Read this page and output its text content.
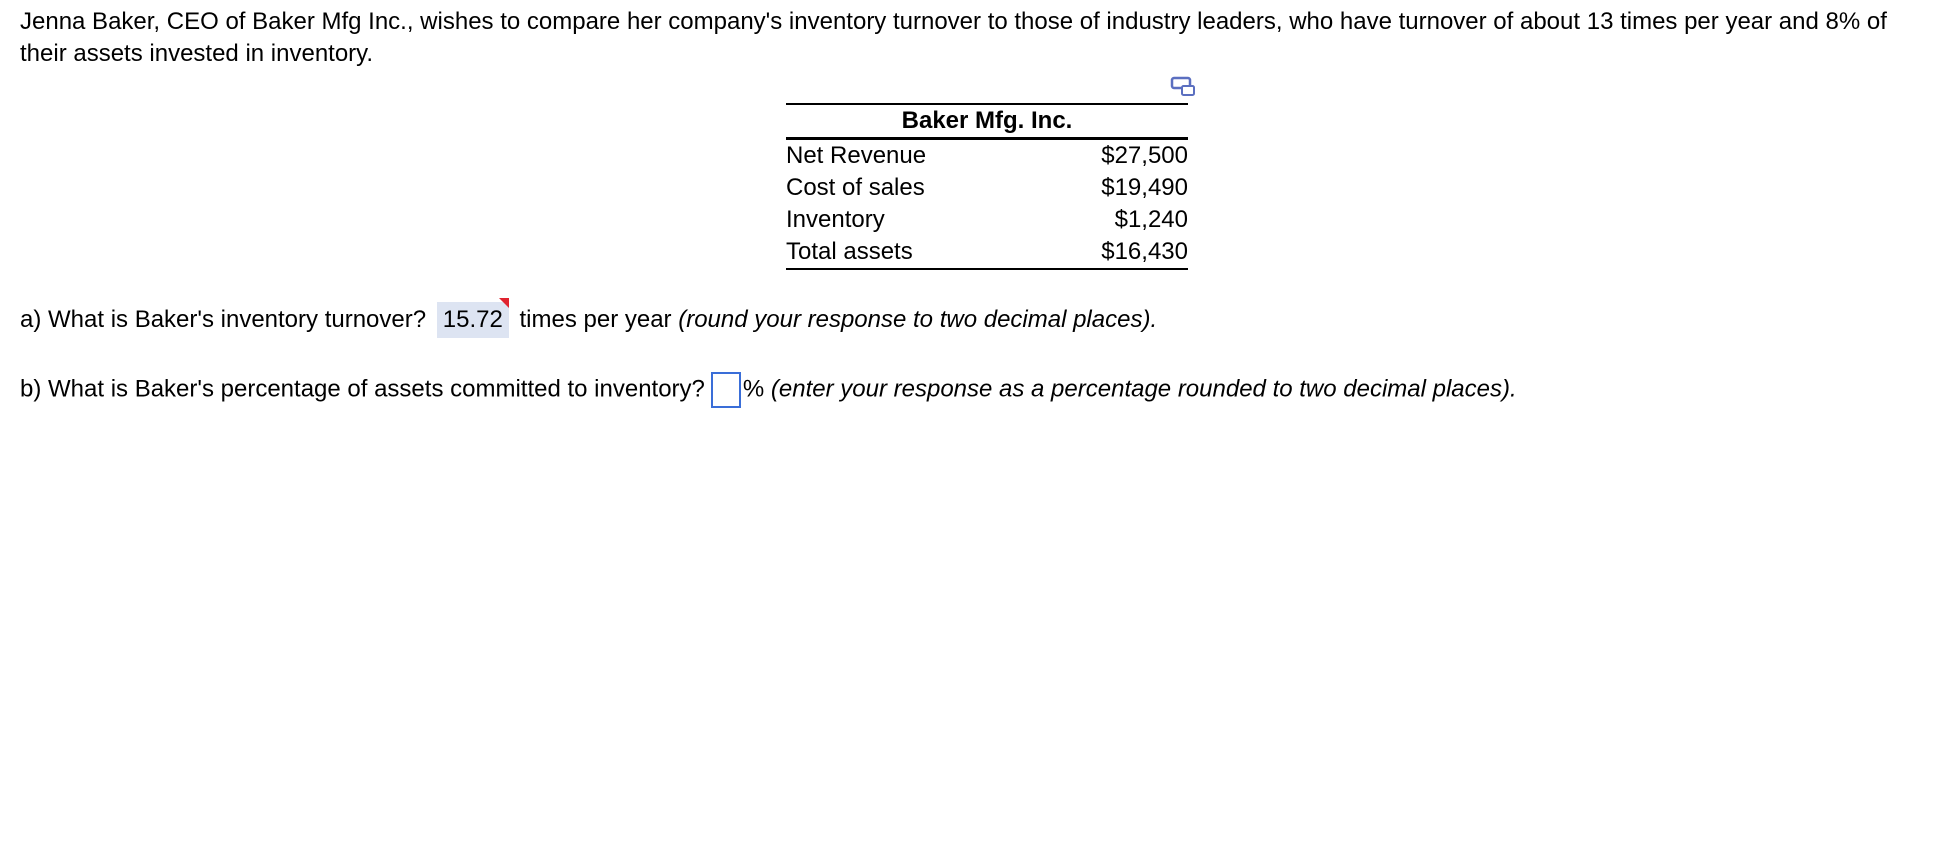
Jenna Baker, CEO of Baker Mfg Inc., wishes to compare her company's inventory turnover to those of industry leaders, who have turnover of about 13 times per year and 8% of their assets invested in inventory.

Baker Mfg. Inc.	
Net Revenue	$27,500
Cost of sales	$19,490
Inventory	$1,240
Total assets	$16,430
a) What is Baker's inventory turnover? 15.72 times per year (round your response to two decimal places).
b) What is Baker's percentage of assets committed to inventory? % (enter your response as a percentage rounded to two decimal places).
